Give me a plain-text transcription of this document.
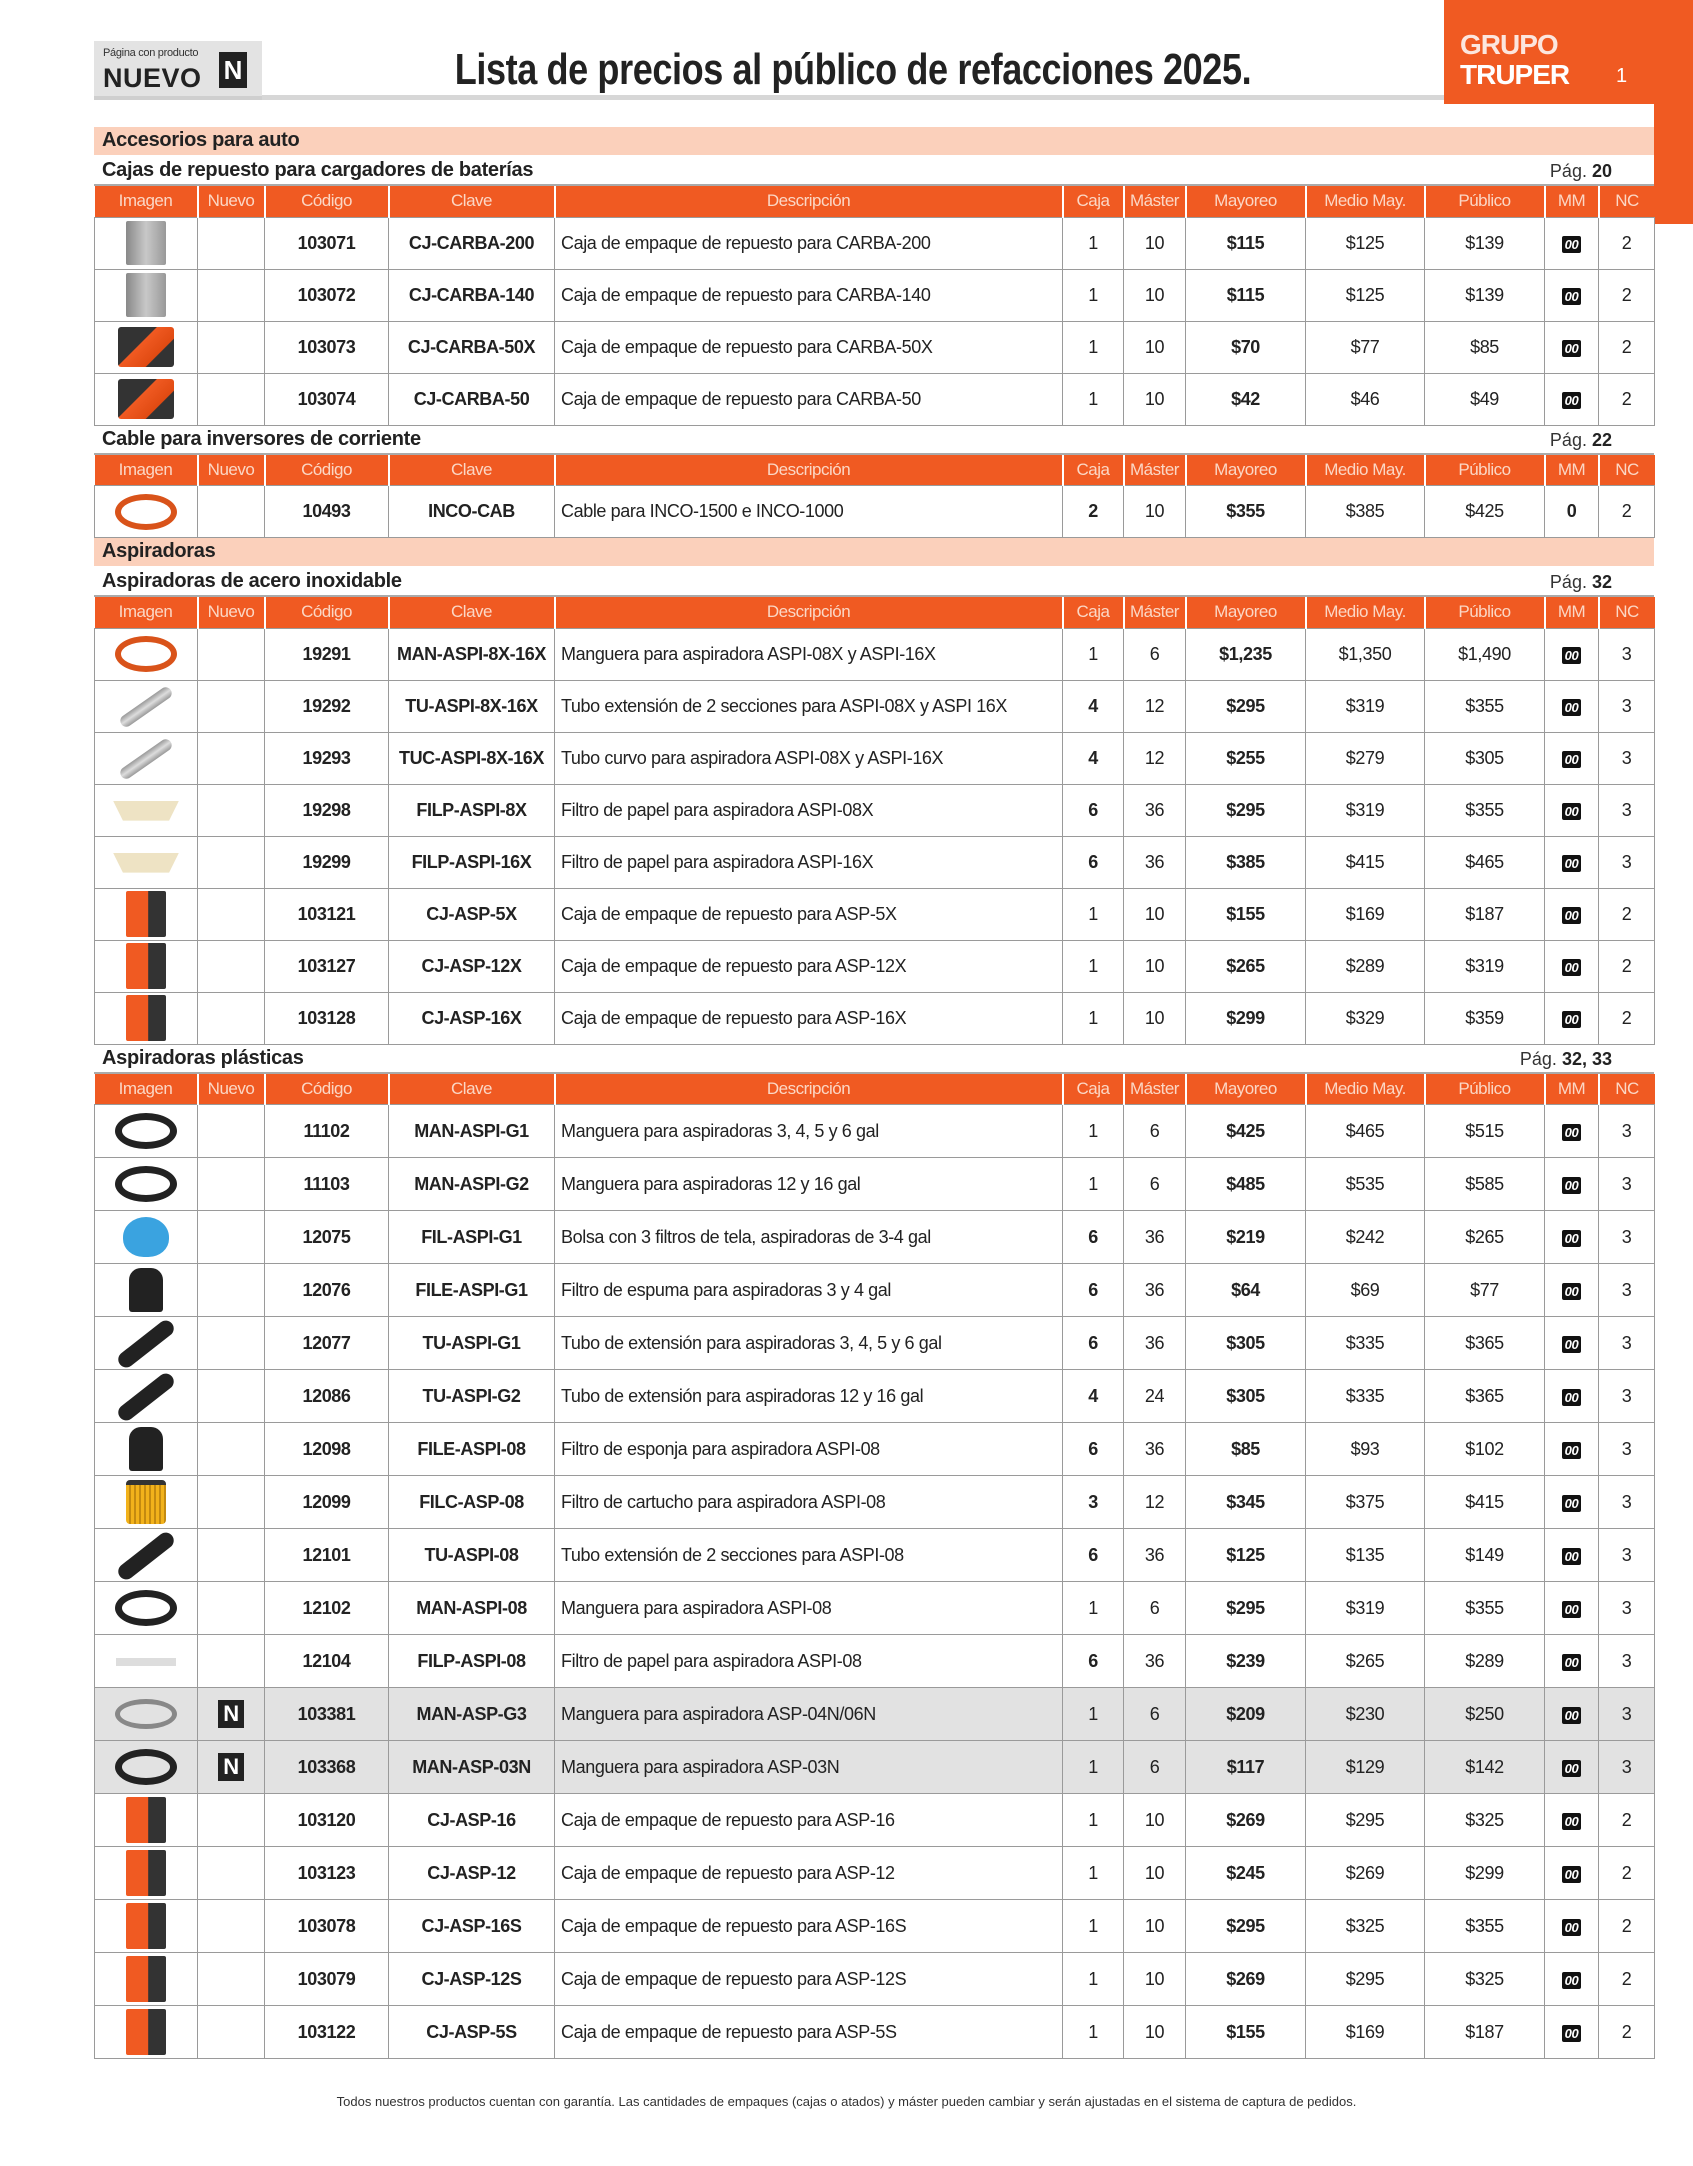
Página con producto
NUEVO N	Lista de precios al público de refacciones 2025.
GRUPO
TRUPER 1
Accesorios para auto
Cajas de repuesto para cargadores de baterías	Pág. 20
Imagen	Nuevo	Código	Clave	Descripción	Caja	Máster	Mayoreo	Medio May.	Público	MM	NC
		103071	CJ-CARBA-200	Caja de empaque de repuesto para CARBA-200	1	10	$115	$125	$139	00	2
		103072	CJ-CARBA-140	Caja de empaque de repuesto para CARBA-140	1	10	$115	$125	$139	00	2
		103073	CJ-CARBA-50X	Caja de empaque de repuesto para CARBA-50X	1	10	$70	$77	$85	00	2
		103074	CJ-CARBA-50	Caja de empaque de repuesto para CARBA-50	1	10	$42	$46	$49	00	2
Cable para inversores de corriente	Pág. 22
Imagen	Nuevo	Código	Clave	Descripción	Caja	Máster	Mayoreo	Medio May.	Público	MM	NC
		10493	INCO-CAB	Cable para INCO-1500 e INCO-1000	2	10	$355	$385	$425	0	2
Aspiradoras
Aspiradoras de acero inoxidable	Pág. 32
Imagen	Nuevo	Código	Clave	Descripción	Caja	Máster	Mayoreo	Medio May.	Público	MM	NC
		19291	MAN-ASPI-8X-16X	Manguera para aspiradora ASPI-08X y ASPI-16X	1	6	$1,235	$1,350	$1,490	00	3
		19292	TU-ASPI-8X-16X	Tubo extensión de 2 secciones para ASPI-08X y ASPI 16X	4	12	$295	$319	$355	00	3
		19293	TUC-ASPI-8X-16X	Tubo curvo para aspiradora ASPI-08X y ASPI-16X	4	12	$255	$279	$305	00	3
		19298	FILP-ASPI-8X	Filtro de papel para aspiradora ASPI-08X	6	36	$295	$319	$355	00	3
		19299	FILP-ASPI-16X	Filtro de papel para aspiradora ASPI-16X	6	36	$385	$415	$465	00	3
		103121	CJ-ASP-5X	Caja de empaque de repuesto para ASP-5X	1	10	$155	$169	$187	00	2
		103127	CJ-ASP-12X	Caja de empaque de repuesto para ASP-12X	1	10	$265	$289	$319	00	2
		103128	CJ-ASP-16X	Caja de empaque de repuesto para ASP-16X	1	10	$299	$329	$359	00	2
Aspiradoras plásticas	Pág. 32, 33
Imagen	Nuevo	Código	Clave	Descripción	Caja	Máster	Mayoreo	Medio May.	Público	MM	NC
		11102	MAN-ASPI-G1	Manguera para aspiradoras 3, 4, 5 y 6 gal	1	6	$425	$465	$515	00	3
		11103	MAN-ASPI-G2	Manguera para aspiradoras 12 y 16 gal	1	6	$485	$535	$585	00	3
		12075	FIL-ASPI-G1	Bolsa con 3 filtros de tela, aspiradoras de 3-4 gal	6	36	$219	$242	$265	00	3
		12076	FILE-ASPI-G1	Filtro de espuma para aspiradoras 3 y 4 gal	6	36	$64	$69	$77	00	3
		12077	TU-ASPI-G1	Tubo de extensión para aspiradoras 3, 4, 5 y 6 gal	6	36	$305	$335	$365	00	3
		12086	TU-ASPI-G2	Tubo de extensión para aspiradoras 12 y 16 gal	4	24	$305	$335	$365	00	3
		12098	FILE-ASPI-08	Filtro de esponja para aspiradora ASPI-08	6	36	$85	$93	$102	00	3
		12099	FILC-ASP-08	Filtro de cartucho para aspiradora ASPI-08	3	12	$345	$375	$415	00	3
		12101	TU-ASPI-08	Tubo extensión de 2 secciones para ASPI-08	6	36	$125	$135	$149	00	3
		12102	MAN-ASPI-08	Manguera para aspiradora ASPI-08	1	6	$295	$319	$355	00	3
		12104	FILP-ASPI-08	Filtro de papel para aspiradora ASPI-08	6	36	$239	$265	$289	00	3
	N	103381	MAN-ASP-G3	Manguera para aspiradora ASP-04N/06N	1	6	$209	$230	$250	00	3
	N	103368	MAN-ASP-03N	Manguera para aspiradora ASP-03N	1	6	$117	$129	$142	00	3
		103120	CJ-ASP-16	Caja de empaque de repuesto para ASP-16	1	10	$269	$295	$325	00	2
		103123	CJ-ASP-12	Caja de empaque de repuesto para ASP-12	1	10	$245	$269	$299	00	2
		103078	CJ-ASP-16S	Caja de empaque de repuesto para ASP-16S	1	10	$295	$325	$355	00	2
		103079	CJ-ASP-12S	Caja de empaque de repuesto para ASP-12S	1	10	$269	$295	$325	00	2
		103122	CJ-ASP-5S	Caja de empaque de repuesto para ASP-5S	1	10	$155	$169	$187	00	2
Todos nuestros productos cuentan con garantía. Las cantidades de empaques (cajas o atados) y máster pueden cambiar y serán ajustadas en el sistema de captura de pedidos.
